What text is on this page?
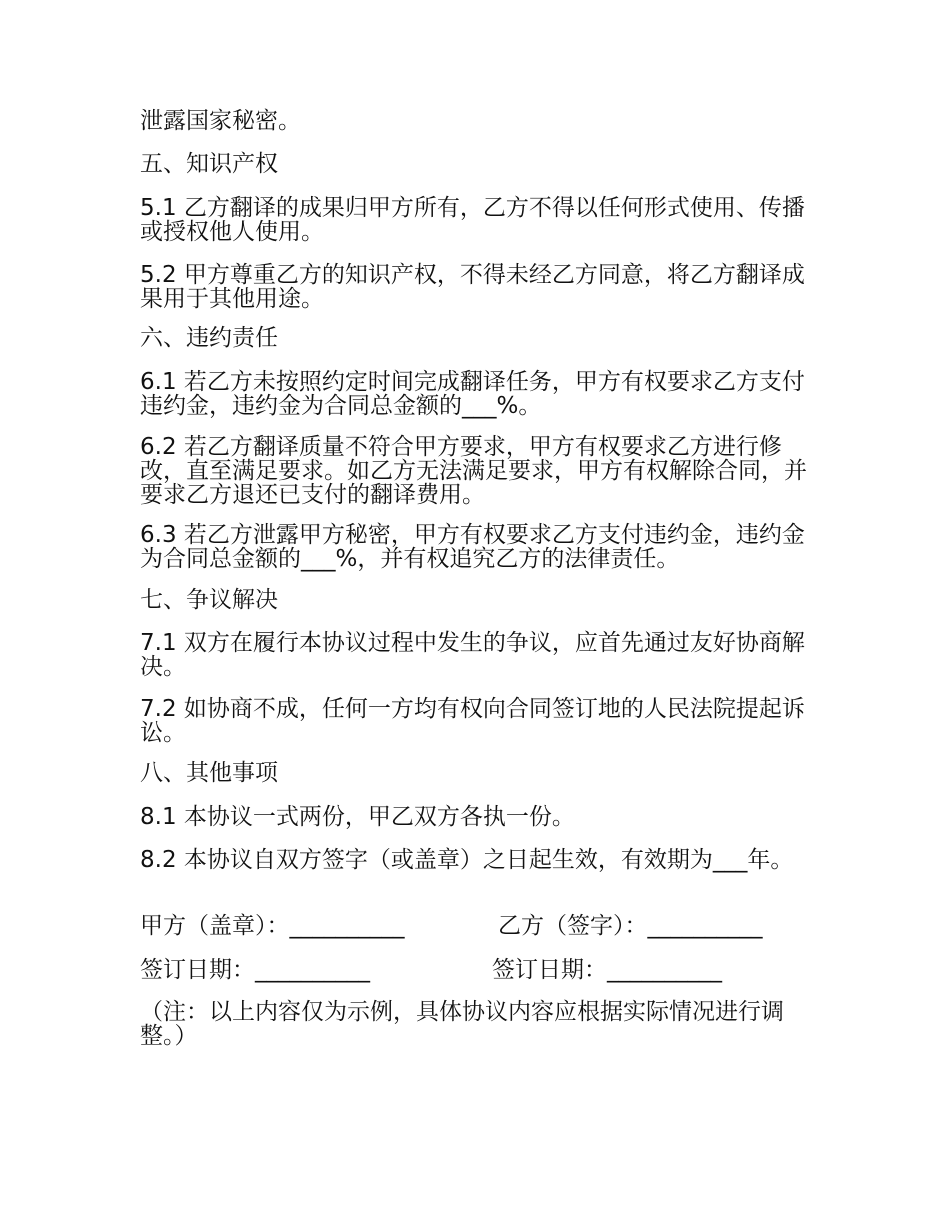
泄露国家秘密。

五、知识产权

5.1 乙方翻译的成果归甲方所有，乙方不得以任何形式使用、传播或授权他人使用。

5.2 甲方尊重乙方的知识产权，不得未经乙方同意，将乙方翻译成果用于其他用途。

六、违约责任

6.1 若乙方未按照约定时间完成翻译任务，甲方有权要求乙方支付违约金，违约金为合同总金额的___%。

6.2 若乙方翻译质量不符合甲方要求，甲方有权要求乙方进行修改，直至满足要求。如乙方无法满足要求，甲方有权解除合同，并要求乙方退还已支付的翻译费用。

6.3 若乙方泄露甲方秘密，甲方有权要求乙方支付违约金，违约金为合同总金额的___%，并有权追究乙方的法律责任。

七、争议解决

7.1 双方在履行本协议过程中发生的争议，应首先通过友好协商解决。

7.2 如协商不成，任何一方均有权向合同签订地的人民法院提起诉讼。

八、其他事项

8.1 本协议一式两份，甲乙双方各执一份。

8.2 本协议自双方签字（或盖章）之日起生效，有效期为___年。

甲方（盖章）：__________	乙方（签字）：__________
签订日期：__________	签订日期：__________

（注：以上内容仅为示例，具体协议内容应根据实际情况进行调整。）
